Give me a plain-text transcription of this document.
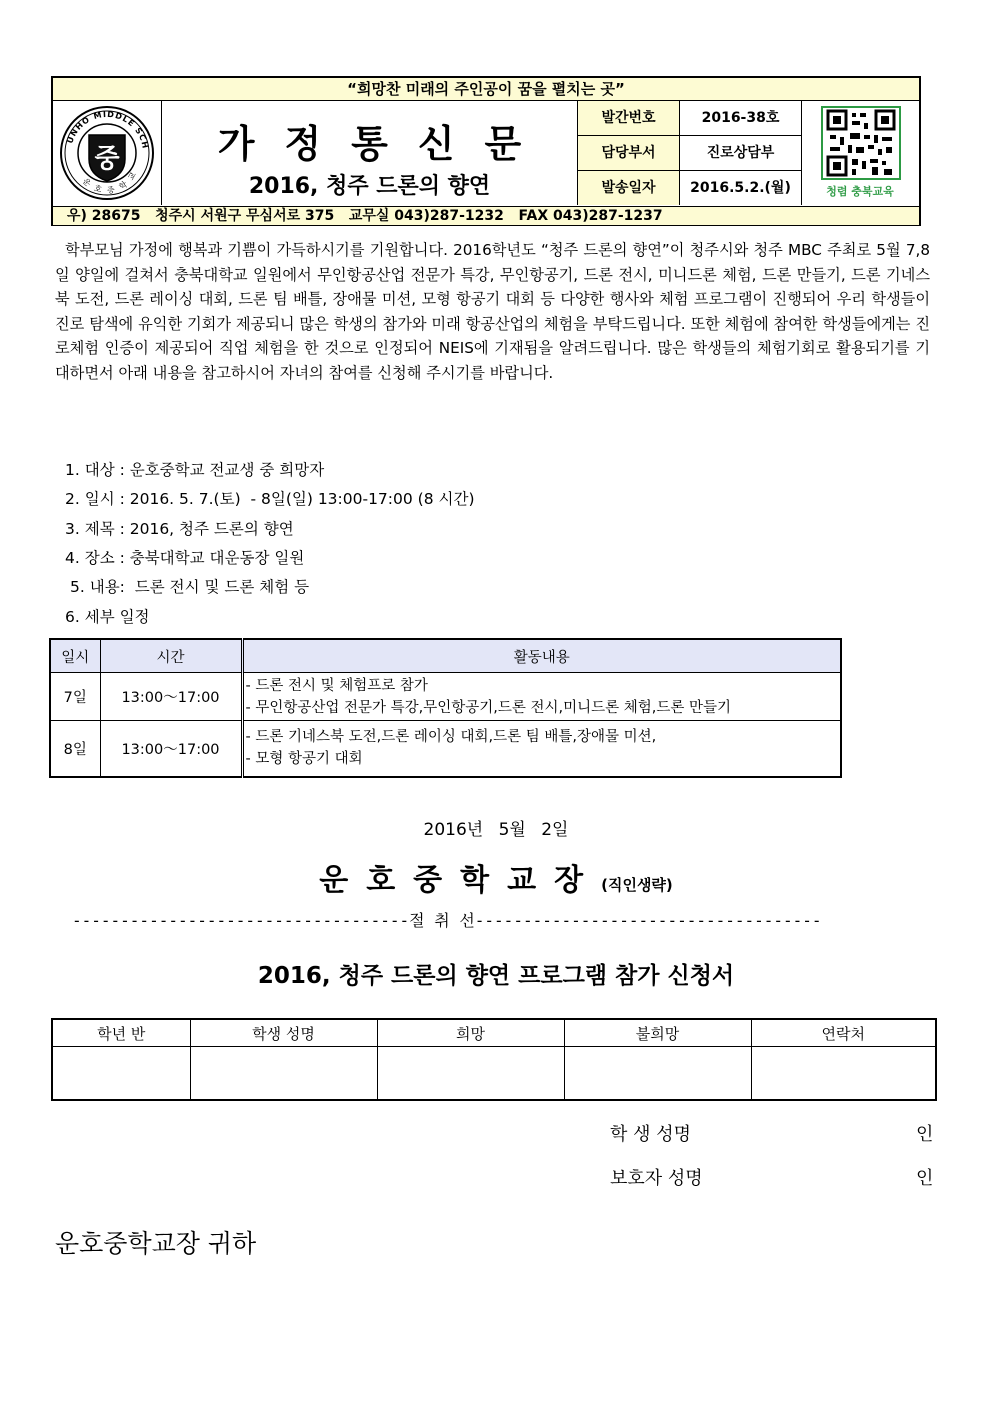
“희망찬 미래의 주인공이 꿈을 펼치는 곳”
UNHO MIDDLE SCH
운 호 중 학 교
중	가정통신문
2016, 청주 드론의 향연
발간번호	2016-38호
담당부서	진로상담부
발송일자	2016.5.2.(월)	청렴 충북교육
우) 28675   청주시 서원구 무심서로 375   교무실 043)287-1232   FAX 043)287-1237
학부모님 가정에 행복과 기쁨이 가득하시기를 기원합니다. 2016학년도 “청주 드론의 향연”이 청주시와 청주 MBC 주최로 5월 7,8일 양일에 걸쳐서 충북대학교 일원에서 무인항공산업 전문가 특강, 무인항공기, 드론 전시, 미니드론 체험, 드론 만들기, 드론 기네스북 도전, 드론 레이싱 대회, 드론 팀 배틀, 장애물 미션, 모형 항공기 대회 등 다양한 행사와 체험 프로그램이 진행되어 우리 학생들이 진로 탐색에 유익한 기회가 제공되니 많은 학생의 참가와 미래 항공산업의 체험을 부탁드립니다. 또한 체험에 참여한 학생들에게는 진로체험 인증이 제공되어 직업 체험을 한 것으로 인정되어 NEIS에 기재됨을 알려드립니다. 많은 학생들의 체험기회로 활용되기를 기대하면서 아래 내용을 참고하시어 자녀의 참여를 신청해 주시기를 바랍니다.
1. 대상 : 운호중학교 전교생 중 희망자
2. 일시 : 2016. 5. 7.(토)  - 8일(일) 13:00-17:00 (8 시간)
3. 제목 : 2016, 청주 드론의 향연
4. 장소 : 충북대학교 대운동장 일원
5. 내용:  드론 전시 및 드론 체험 등
6. 세부 일정
일시	시간	활동내용
7일	13:00～17:00	- 드론 전시 및 체험프로 참가
- 무인항공산업 전문가 특강,무인항공기,드론 전시,미니드론 체험,드론 만들기

8일	13:00～17:00	- 드론 기네스북 도전,드론 레이싱 대회,드론 팀 배틀,장애물 미션,
- 모형 항공기 대회
2016년 5월 2일
운호중학교장(직인생략)
-----------------------------------절 취 선------------------------------------
2016, 청주 드론의 향연 프로그램 참가 신청서
학년 반	학생 성명	희망	불희망	연락처

학 생 성명	인
보호자 성명	인
운호중학교장 귀하
